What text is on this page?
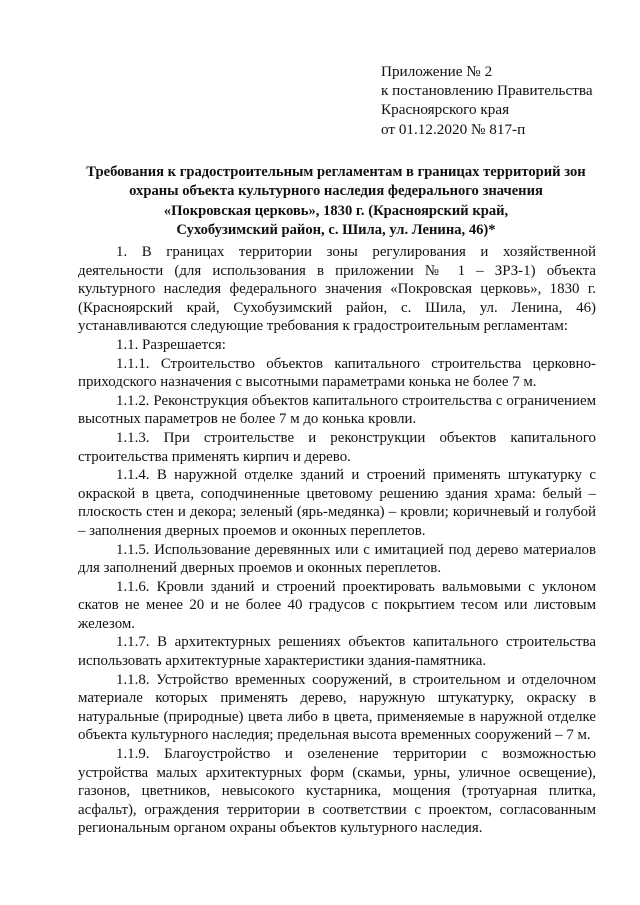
Приложение № 2
к постановлению Правительства
Красноярского края
от 01.12.2020 № 817-п
Требования к градостроительным регламентам в границах территорий зон
охраны объекта культурного наследия федерального значения
«Покровская церковь», 1830 г. (Красноярский край,
Сухобузимский район, с. Шила, ул. Ленина, 46)*

1. В границах территории зоны регулирования и хозяйственной деятельности (для использования в приложении № 1 – ЗРЗ-1) объекта культурного наследия федерального значения «Покровская церковь», 1830 г. (Красноярский край, Сухобузимский район, с. Шила, ул. Ленина, 46) устанавливаются следующие требования к градостроительным регламентам:

1.1. Разрешается:

1.1.1. Строительство объектов капитального строительства церковно-приходского назначения с высотными параметрами конька не более 7 м.

1.1.2. Реконструкция объектов капитального строительства с ограничением высотных параметров не более 7 м до конька кровли.

1.1.3. При строительстве и реконструкции объектов капитального строительства применять кирпич и дерево.

1.1.4. В наружной отделке зданий и строений применять штукатурку с окраской в цвета, соподчиненные цветовому решению здания храма: белый – плоскость стен и декора; зеленый (ярь-медянка) – кровли; коричневый и голубой – заполнения дверных проемов и оконных переплетов.

1.1.5. Использование деревянных или с имитацией под дерево материалов для заполнений дверных проемов и оконных переплетов.

1.1.6. Кровли зданий и строений проектировать вальмовыми с уклоном скатов не менее 20 и не более 40 градусов с покрытием тесом или листовым железом.

1.1.7. В архитектурных решениях объектов капитального строительства использовать архитектурные характеристики здания-памятника.

1.1.8. Устройство временных сооружений, в строительном и отделочном материале которых применять дерево, наружную штукатурку, окраску в натуральные (природные) цвета либо в цвета, применяемые в наружной отделке объекта культурного наследия; предельная высота временных сооружений – 7 м.

1.1.9. Благоустройство и озеленение территории с возможностью устройства малых архитектурных форм (скамьи, урны, уличное освещение), газонов, цветников, невысокого кустарника, мощения (тротуарная плитка, асфальт), ограждения территории в соответствии с проектом, согласованным региональным органом охраны объектов культурного наследия.
